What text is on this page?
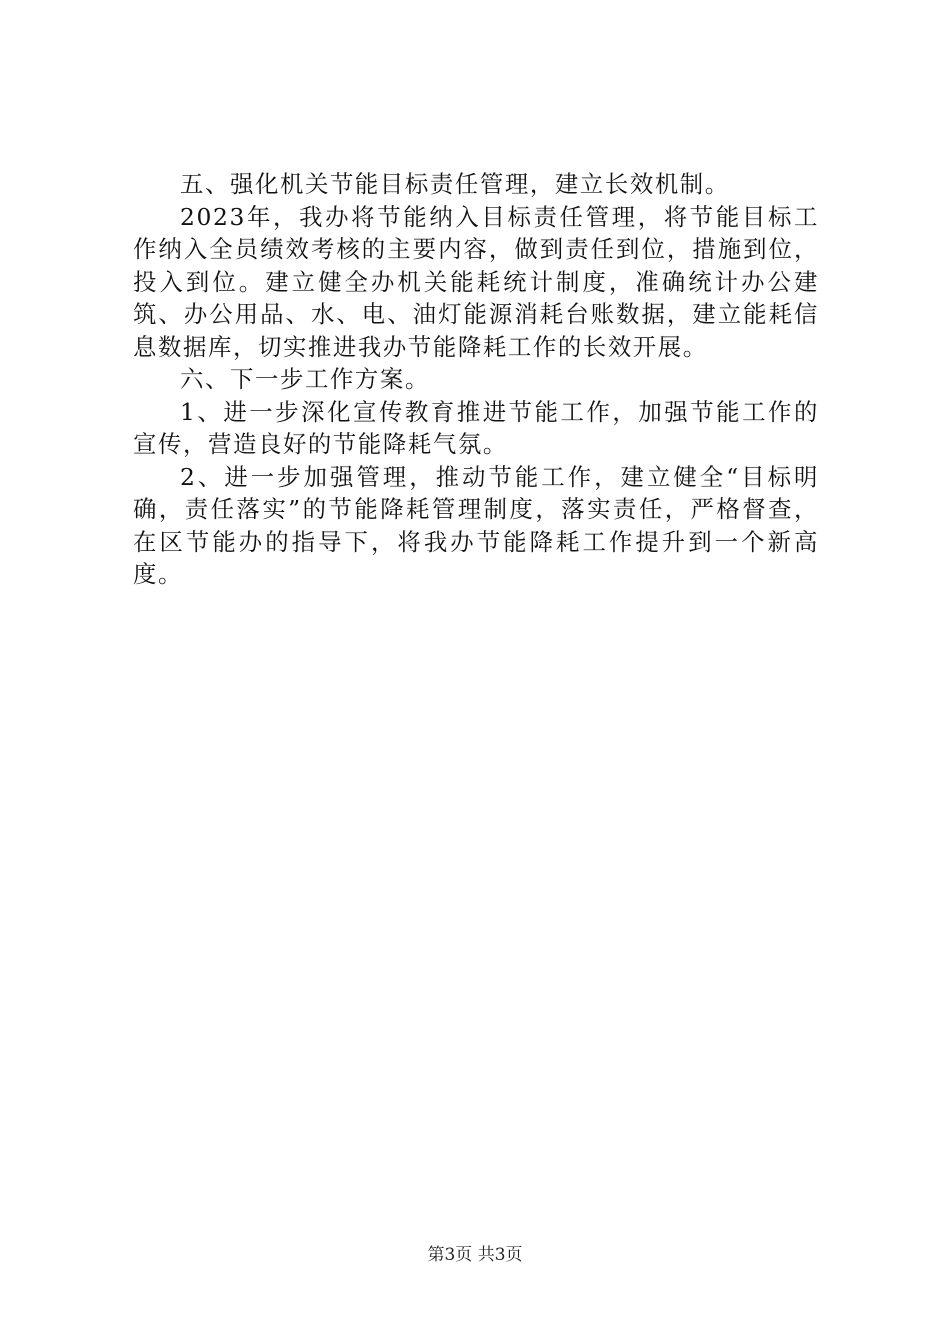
五、强化机关节能目标责任管理，建立长效机制。

2023年，我办将节能纳入目标责任管理，将节能目标工作纳入全员绩效考核的主要内容，做到责任到位，措施到位，投入到位。建立健全办机关能耗统计制度，准确统计办公建筑、办公用品、水、电、油灯能源消耗台账数据，建立能耗信息数据库，切实推进我办节能降耗工作的长效开展。

六、下一步工作方案。

1、进一步深化宣传教育推进节能工作，加强节能工作的宣传，营造良好的节能降耗气氛。

2、进一步加强管理，推动节能工作，建立健全“目标明确，责任落实”的节能降耗管理制度，落实责任，严格督查，在区节能办的指导下，将我办节能降耗工作提升到一个新高度。

第3页 共3页
